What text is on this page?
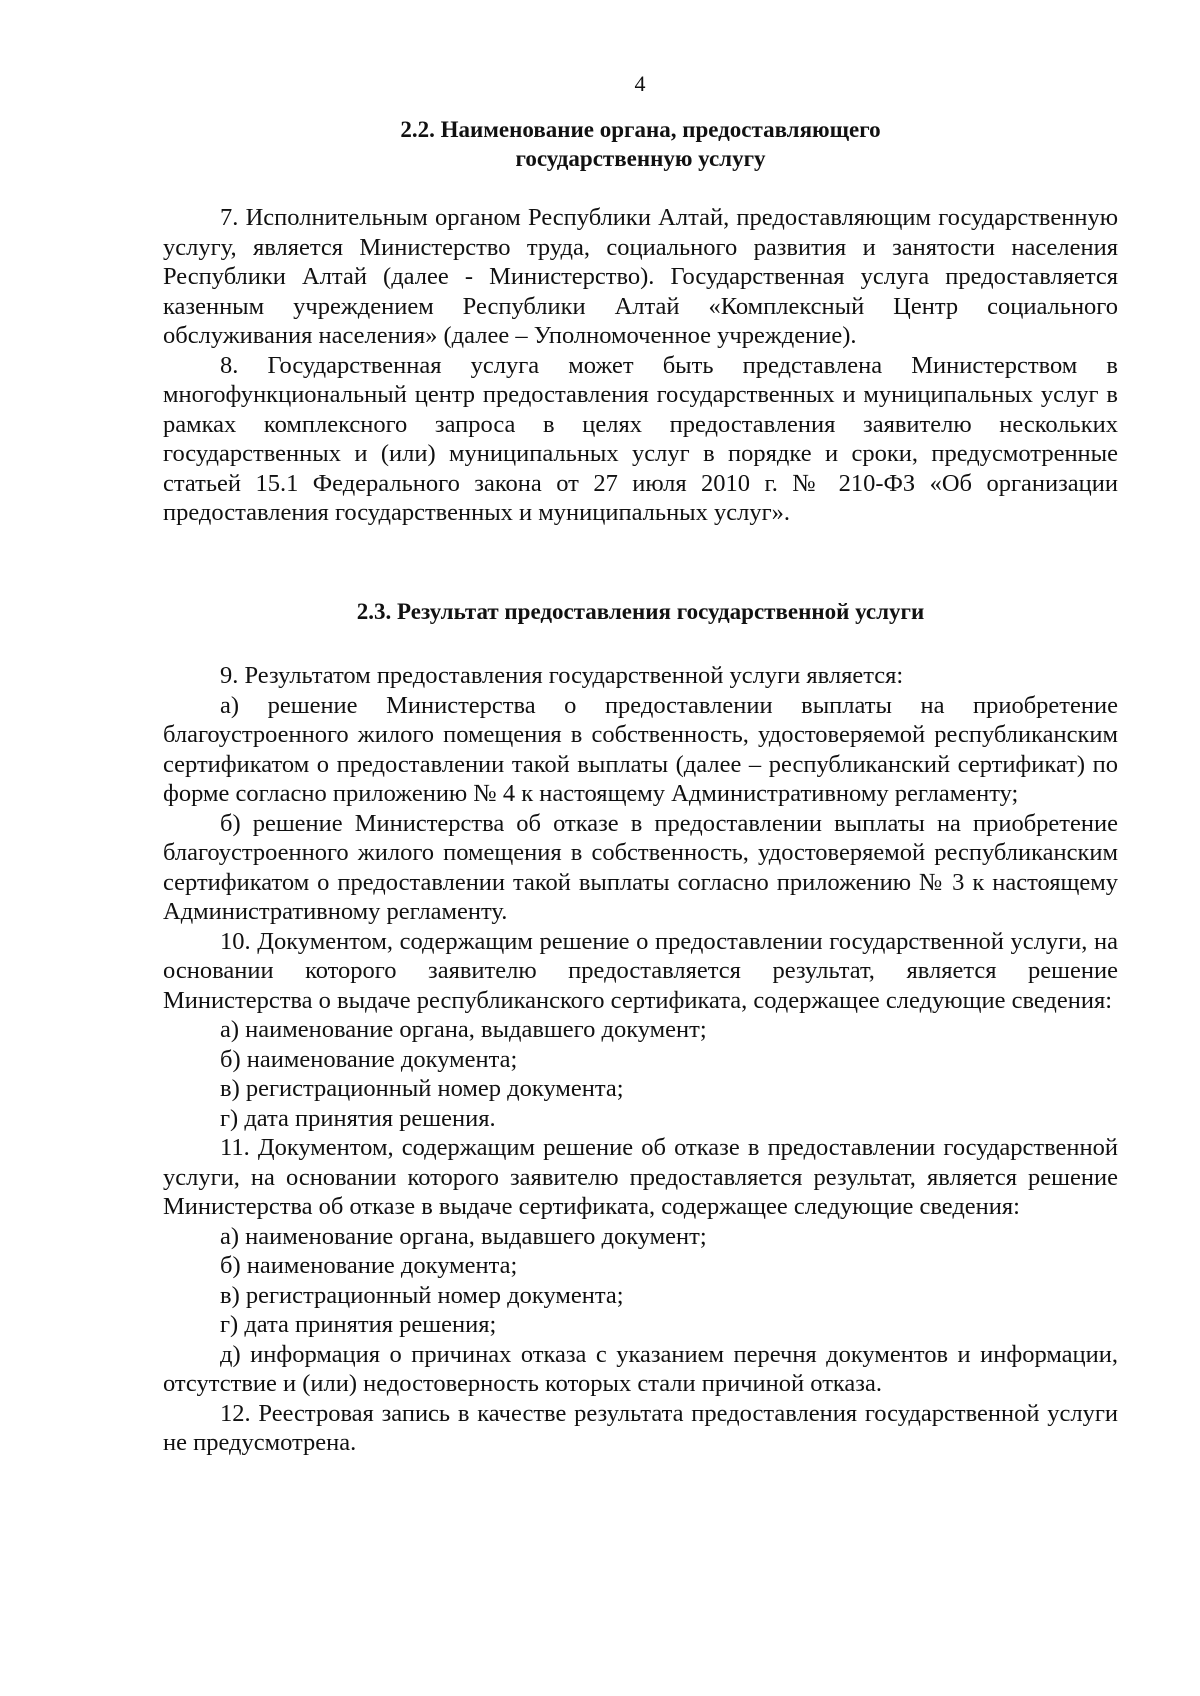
4
2.2. Наименование органа, предоставляющего
государственную услугу

7. Исполнительным органом Республики Алтай, предоставляющим государственную услугу, является Министерство труда, социального развития и занятости населения Республики Алтай (далее - Министерство). Государственная услуга предоставляется казенным учреждением Республики Алтай «Комплексный Центр социального обслуживания населения» (далее – Уполномоченное учреждение).

8. Государственная услуга может быть представлена Министерством в многофункциональный центр предоставления государственных и муниципальных услуг в рамках комплексного запроса в целях предоставления заявителю нескольких государственных и (или) муниципальных услуг в порядке и сроки, предусмотренные статьей 15.1 Федерального закона от 27 июля 2010 г. № 210-ФЗ «Об организации предоставления государственных и муниципальных услуг».

2.3. Результат предоставления государственной услуги

9. Результатом предоставления государственной услуги является:

а) решение Министерства о предоставлении выплаты на приобретение благоустроенного жилого помещения в собственность, удостоверяемой республиканским сертификатом о предоставлении такой выплаты (далее – республиканский сертификат) по форме согласно приложению № 4 к настоящему Административному регламенту;

б) решение Министерства об отказе в предоставлении выплаты на приобретение благоустроенного жилого помещения в собственность, удостоверяемой республиканским сертификатом о предоставлении такой выплаты согласно приложению № 3 к настоящему Административному регламенту.

10. Документом, содержащим решение о предоставлении государственной услуги, на основании которого заявителю предоставляется результат, является решение Министерства о выдаче республиканского сертификата, содержащее следующие сведения:

а) наименование органа, выдавшего документ;

б) наименование документа;

в) регистрационный номер документа;

г) дата принятия решения.

11. Документом, содержащим решение об отказе в предоставлении государственной услуги, на основании которого заявителю предоставляется результат, является решение Министерства об отказе в выдаче сертификата, содержащее следующие сведения:

а) наименование органа, выдавшего документ;

б) наименование документа;

в) регистрационный номер документа;

г) дата принятия решения;

д) информация о причинах отказа с указанием перечня документов и информации, отсутствие и (или) недостоверность которых стали причиной отказа.

12. Реестровая запись в качестве результата предоставления государственной услуги не предусмотрена.
